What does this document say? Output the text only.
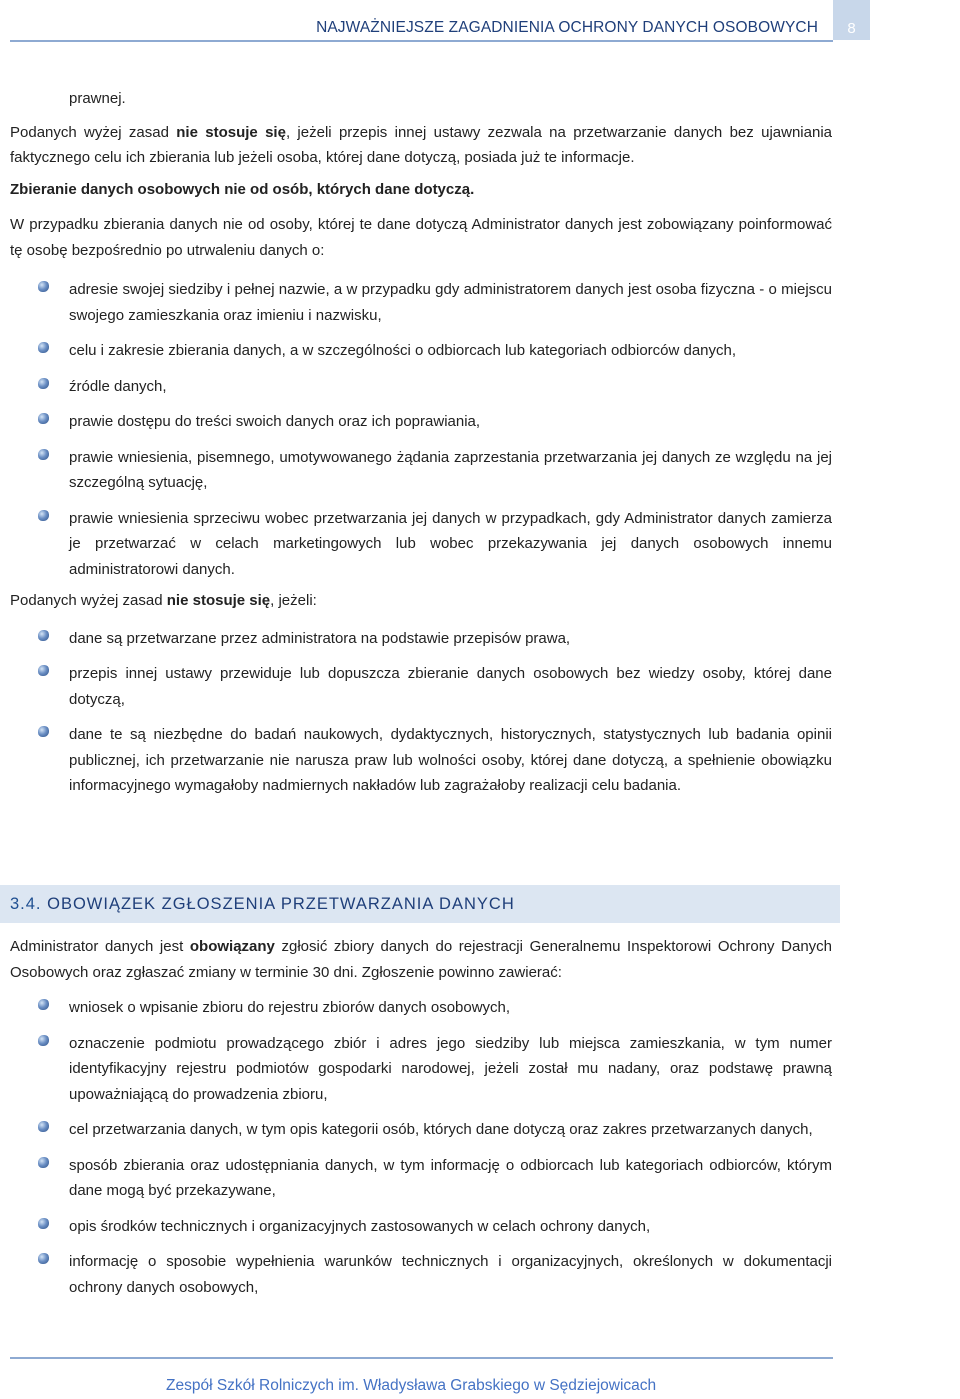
NAJWAŻNIEJSZE ZAGADNIENIA OCHRONY DANYCH OSOBOWYCH	8

prawnej.

Podanych wyżej zasad nie stosuje się, jeżeli przepis innej ustawy zezwala na przetwarzanie danych bez ujawniania faktycznego celu ich zbierania lub jeżeli osoba, której dane dotyczą, posiada już te informacje.

Zbieranie danych osobowych nie od osób, których dane dotyczą.

W przypadku zbierania danych nie od osoby, której te dane dotyczą Administrator danych jest zobowiązany poinformować tę osobę bezpośrednio po utrwaleniu danych o:

adresie swojej siedziby i pełnej nazwie, a w przypadku gdy administratorem danych jest osoba fizyczna - o miejscu swojego zamieszkania oraz imieniu i nazwisku,
celu i zakresie zbierania danych, a w szczególności o odbiorcach lub kategoriach odbiorców danych,
źródle danych,
prawie dostępu do treści swoich danych oraz ich poprawiania,
prawie wniesienia, pisemnego, umotywowanego żądania zaprzestania przetwarzania jej danych ze względu na jej szczególną sytuację,
prawie wniesienia sprzeciwu wobec przetwarzania jej danych w przypadkach, gdy Administrator danych zamierza je przetwarzać w celach marketingowych lub wobec przekazywania jej danych osobowych innemu administratorowi danych.

Podanych wyżej zasad nie stosuje się, jeżeli:

dane są przetwarzane przez administratora na podstawie przepisów prawa,
przepis innej ustawy przewiduje lub dopuszcza zbieranie danych osobowych bez wiedzy osoby, której dane dotyczą,
dane te są niezbędne do badań naukowych, dydaktycznych, historycznych, statystycznych lub badania opinii publicznej, ich przetwarzanie nie narusza praw lub wolności osoby, której dane dotyczą, a spełnienie obowiązku informacyjnego wymagałoby nadmiernych nakładów lub zagrażałoby realizacji celu badania.
3.4. OBOWIĄZEK ZGŁOSZENIA PRZETWARZANIA DANYCH

Administrator danych jest obowiązany zgłosić zbiory danych do rejestracji Generalnemu Inspektorowi Ochrony Danych Osobowych oraz zgłaszać zmiany w terminie 30 dni. Zgłoszenie powinno zawierać:

wniosek o wpisanie zbioru do rejestru zbiorów danych osobowych,
oznaczenie podmiotu prowadzącego zbiór i adres jego siedziby lub miejsca zamieszkania, w tym numer identyfikacyjny rejestru podmiotów gospodarki narodowej, jeżeli został mu nadany, oraz podstawę prawną upoważniającą do prowadzenia zbioru,
cel przetwarzania danych, w tym opis kategorii osób, których dane dotyczą oraz zakres przetwarzanych danych,
sposób zbierania oraz udostępniania danych, w tym informację o odbiorcach lub kategoriach odbiorców, którym dane mogą być przekazywane,
opis środków technicznych i organizacyjnych zastosowanych w celach ochrony danych,
informację o sposobie wypełnienia warunków technicznych i organizacyjnych, określonych w dokumentacji ochrony danych osobowych,
Zespół Szkół Rolniczych im. Władysława Grabskiego w Sędziejowicach
